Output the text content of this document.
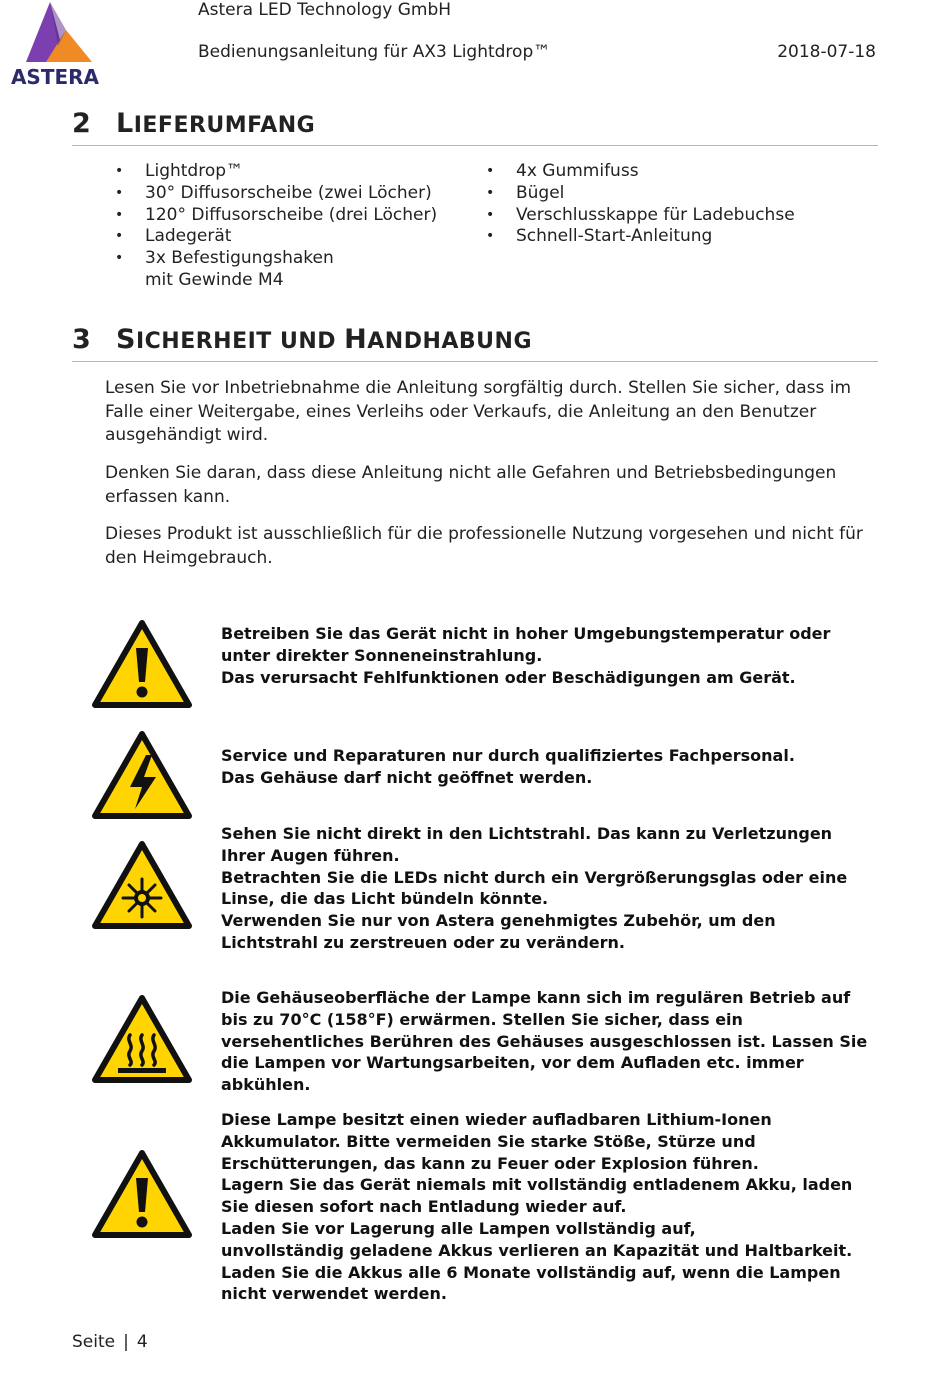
ASTERA
Astera LED Technology GmbH
Bedienungsanleitung für AX3 Lightdrop™	2018-07-18
2 LIEFERUMFANG
• Lightdrop™
• 30° Diffusorscheibe (zwei Löcher)
• 120° Diffusorscheibe (drei Löcher)
• Ladegerät
• 3x Befestigungshaken mit Gewinde M4
• 4x Gummifuss
• Bügel
• Verschlusskappe für Ladebuchse
• Schnell-Start-Anleitung
3 SICHERHEIT UND HANDHABUNG
Lesen Sie vor Inbetriebnahme die Anleitung sorgfältig durch. Stellen Sie sicher, dass im Falle einer Weitergabe, eines Verleihs oder Verkaufs, die Anleitung an den Benutzer ausgehändigt wird.
Denken Sie daran, dass diese Anleitung nicht alle Gefahren und Betriebsbedingungen erfassen kann.
Dieses Produkt ist ausschließlich für die professionelle Nutzung vorgesehen und nicht für den Heimgebrauch.
Betreiben Sie das Gerät nicht in hoher Umgebungstemperatur oder unter direkter Sonneneinstrahlung.
Das verursacht Fehlfunktionen oder Beschädigungen am Gerät.
Service und Reparaturen nur durch qualifiziertes Fachpersonal.
Das Gehäuse darf nicht geöffnet werden.
Sehen Sie nicht direkt in den Lichtstrahl. Das kann zu Verletzungen Ihrer Augen führen.
Betrachten Sie die LEDs nicht durch ein Vergrößerungsglas oder eine Linse, die das Licht bündeln könnte.
Verwenden Sie nur von Astera genehmigtes Zubehör, um den Lichtstrahl zu zerstreuen oder zu verändern.
Die Gehäuseoberfläche der Lampe kann sich im regulären Betrieb auf bis zu 70°C (158°F) erwärmen. Stellen Sie sicher, dass ein versehentliches Berühren des Gehäuses ausgeschlossen ist. Lassen Sie die Lampen vor Wartungsarbeiten, vor dem Aufladen etc. immer abkühlen.
Diese Lampe besitzt einen wieder aufladbaren Lithium-Ionen Akkumulator. Bitte vermeiden Sie starke Stöße, Stürze und Erschütterungen, das kann zu Feuer oder Explosion führen.
Lagern Sie das Gerät niemals mit vollständig entladenem Akku, laden Sie diesen sofort nach Entladung wieder auf.
Laden Sie vor Lagerung alle Lampen vollständig auf,
unvollständig geladene Akkus verlieren an Kapazität und Haltbarkeit.
Laden Sie die Akkus alle 6 Monate vollständig auf, wenn die Lampen nicht verwendet werden.
Seite | 4
